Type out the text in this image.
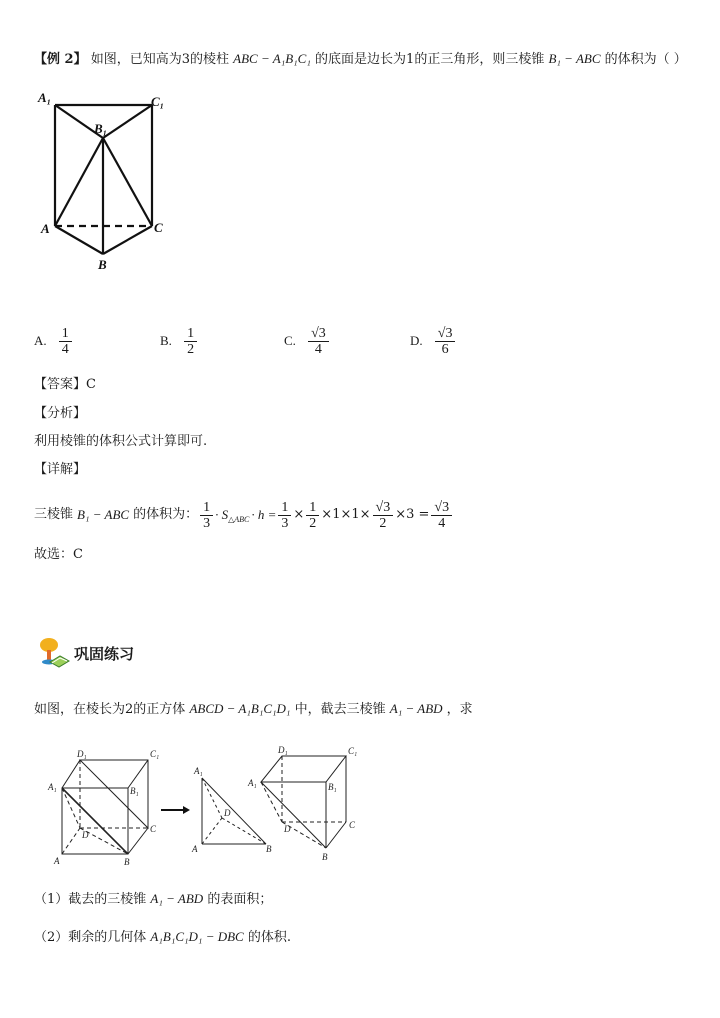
【例 2】 如图，已知高为3的棱柱 ABC − A₁B₁C₁ 的底面是边长为1的正三角形，则三棱锥 B₁ − ABC 的体积为（ ）
A₁	C₁
B₁
A	C
B
A. $\frac{1}{4}$	B. $\frac{1}{2}$	C. $\frac{√3}{4}$	D. $\frac{√3}{6}$
【答案】C
【分析】
利用棱锥的体积公式计算即可.
【详解】
三棱锥 B₁ − ABC 的体积为： $\frac{1}{3} \cdot S$ △ABC · $h = \frac{1}{3} \times \frac{1}{2} \times 1\times 1\times \frac{√3}{2} \times 3 = \frac{√3}{4}$
故选：C
巩固练习
如图，在棱长为2的正方体 ABCD − A₁B₁C₁D₁ 中，截去三棱锥 A₁ − ABD ，求
D₁	C₁
A₁	B₁
D
C
A	B
A₁
D
A	B
D₁	C₁
A₁	B₁
D	C
B
（1）截去的三棱锥 A₁ − ABD 的表面积；
（2）剩余的几何体 A₁B₁C₁D₁ − DBC 的体积.
